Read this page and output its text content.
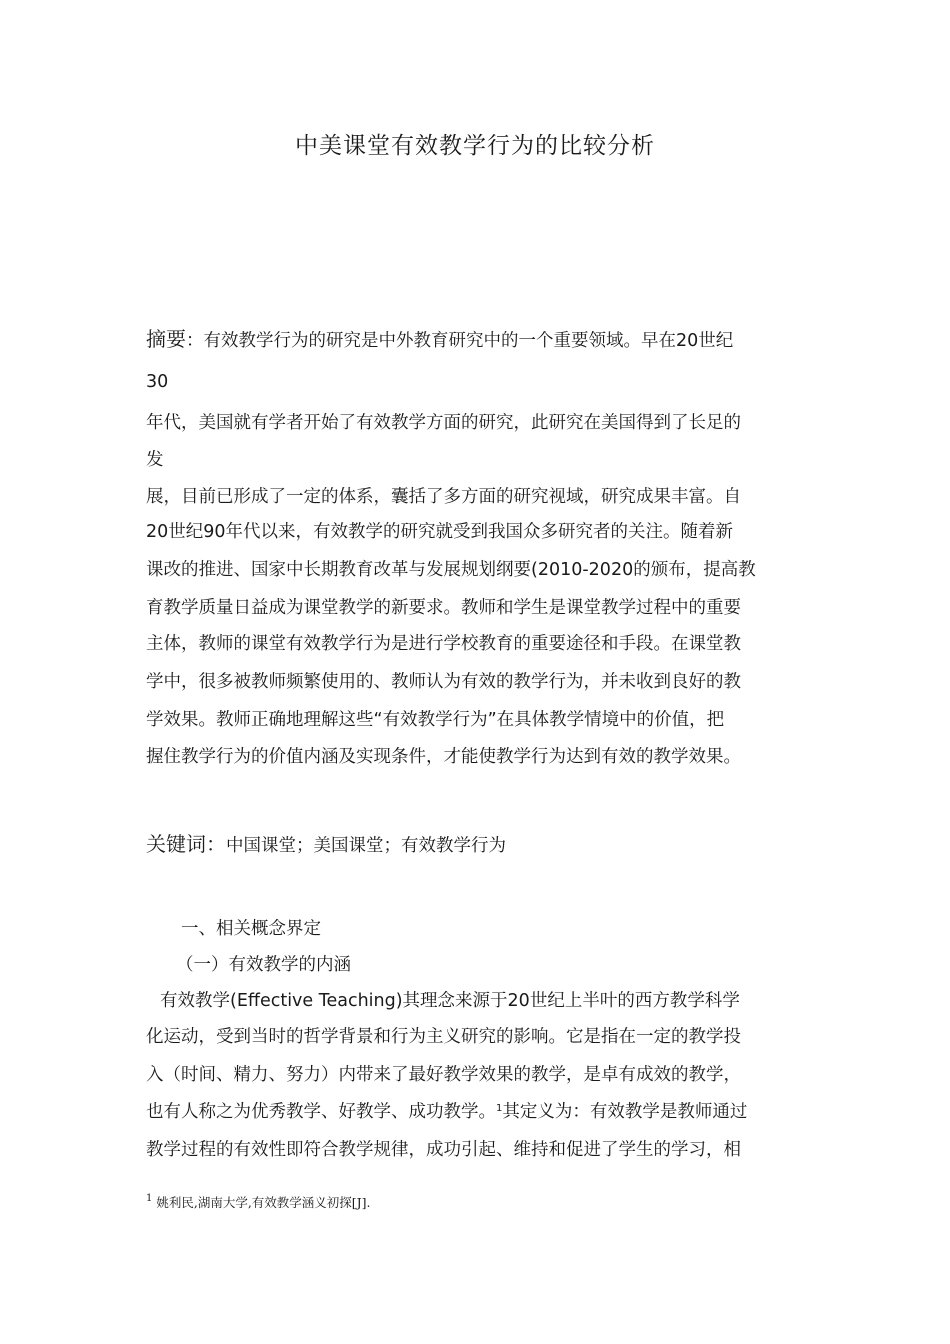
中美课堂有效教学行为的比较分析
摘要：有效教学行为的研究是中外教育研究中的一个重要领域。早在20世纪
30
年代，美国就有学者开始了有效教学方面的研究，此研究在美国得到了长足的
发
展，目前已形成了一定的体系，囊括了多方面的研究视域，研究成果丰富。自
20世纪90年代以来，有效教学的研究就受到我国众多研究者的关注。随着新
课改的推进、国家中长期教育改革与发展规划纲要(2010-2020的颁布，提高教
育教学质量日益成为课堂教学的新要求。教师和学生是课堂教学过程中的重要
主体，教师的课堂有效教学行为是进行学校教育的重要途径和手段。在课堂教
学中，很多被教师频繁使用的、教师认为有效的教学行为，并未收到良好的教
学效果。教师正确地理解这些“有效教学行为”在具体教学情境中的价值，把
握住教学行为的价值内涵及实现条件，才能使教学行为达到有效的教学效果。
关键词：中国课堂；美国课堂；有效教学行为
一、相关概念界定
（一）有效教学的内涵
有效教学(Effective Teaching)其理念来源于20世纪上半叶的西方教学科学
化运动，受到当时的哲学背景和行为主义研究的影响。它是指在一定的教学投
入（时间、精力、努力）内带来了最好教学效果的教学，是卓有成效的教学，
也有人称之为优秀教学、好教学、成功教学。$^1$其定义为：有效教学是教师通过
教学过程的有效性即符合教学规律，成功引起、维持和促进了学生的学习，相
$^1$ 姚利民,湖南大学,有效教学涵义初探[J].
